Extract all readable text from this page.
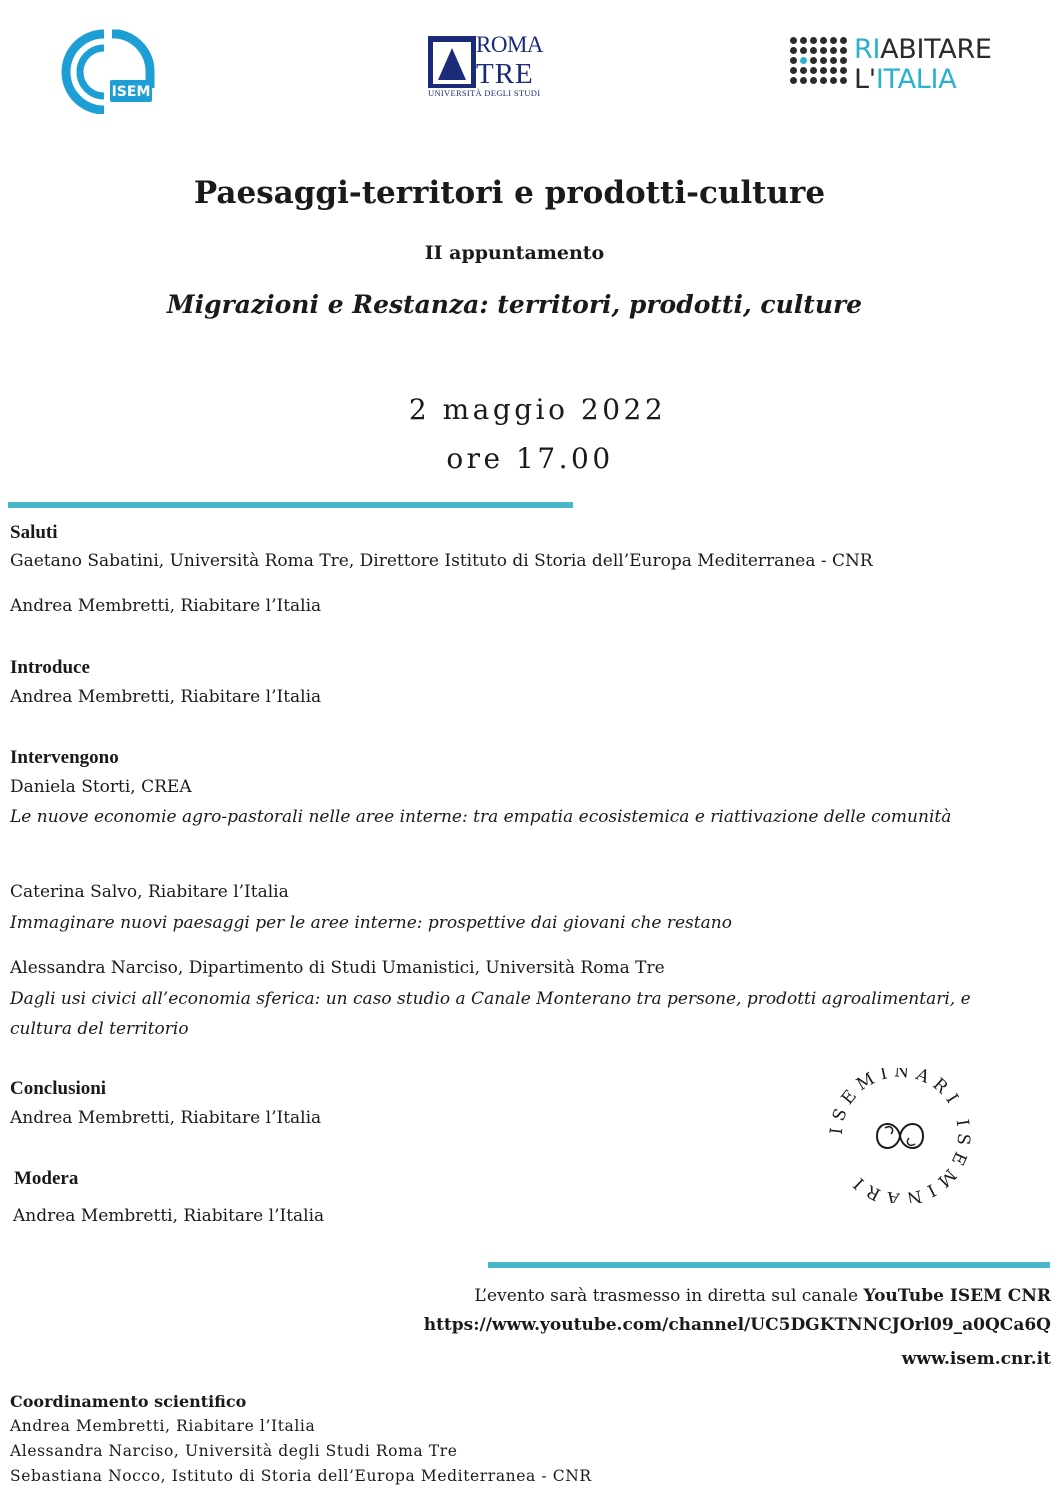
ISEM
ROMA
TRE
UNIVERSITÀ DEGLI STUDI
RIABITARE
L'ITALIA
Paesaggi-territori e prodotti-culture
II appuntamento
Migrazioni e Restanza: territori, prodotti, culture
2 maggio 2022
ore 17.00
Saluti
Gaetano Sabatini, Università Roma Tre, Direttore Istituto di Storia dell’Europa Mediterranea - CNR
Andrea Membretti, Riabitare l’Italia
Introduce
Andrea Membretti, Riabitare l’Italia
Intervengono
Daniela Storti, CREA
Le nuove economie agro-pastorali nelle aree interne: tra empatia ecosistemica e riattivazione delle comunità
Caterina Salvo, Riabitare l’Italia
Immaginare nuovi paesaggi per le aree interne: prospettive dai giovani che restano
Alessandra Narciso, Dipartimento di Studi Umanistici, Università Roma Tre
Dagli usi civici all’economia sferica: un caso studio a Canale Monterano tra persone, prodotti agroalimentari, e cultura del territorio
Conclusioni
Andrea Membretti, Riabitare l’Italia
Modera
Andrea Membretti, Riabitare l’Italia
ISEMINARI ISEMINARI
L’evento sarà trasmesso in diretta sul canale YouTube ISEM CNR
https://www.youtube.com/channel/UC5DGKTNNCJOrl09_a0QCa6Q
www.isem.cnr.it
Coordinamento scientifico
Andrea Membretti, Riabitare l’Italia
Alessandra Narciso, Università degli Studi Roma Tre
Sebastiana Nocco, Istituto di Storia dell’Europa Mediterranea - CNR
